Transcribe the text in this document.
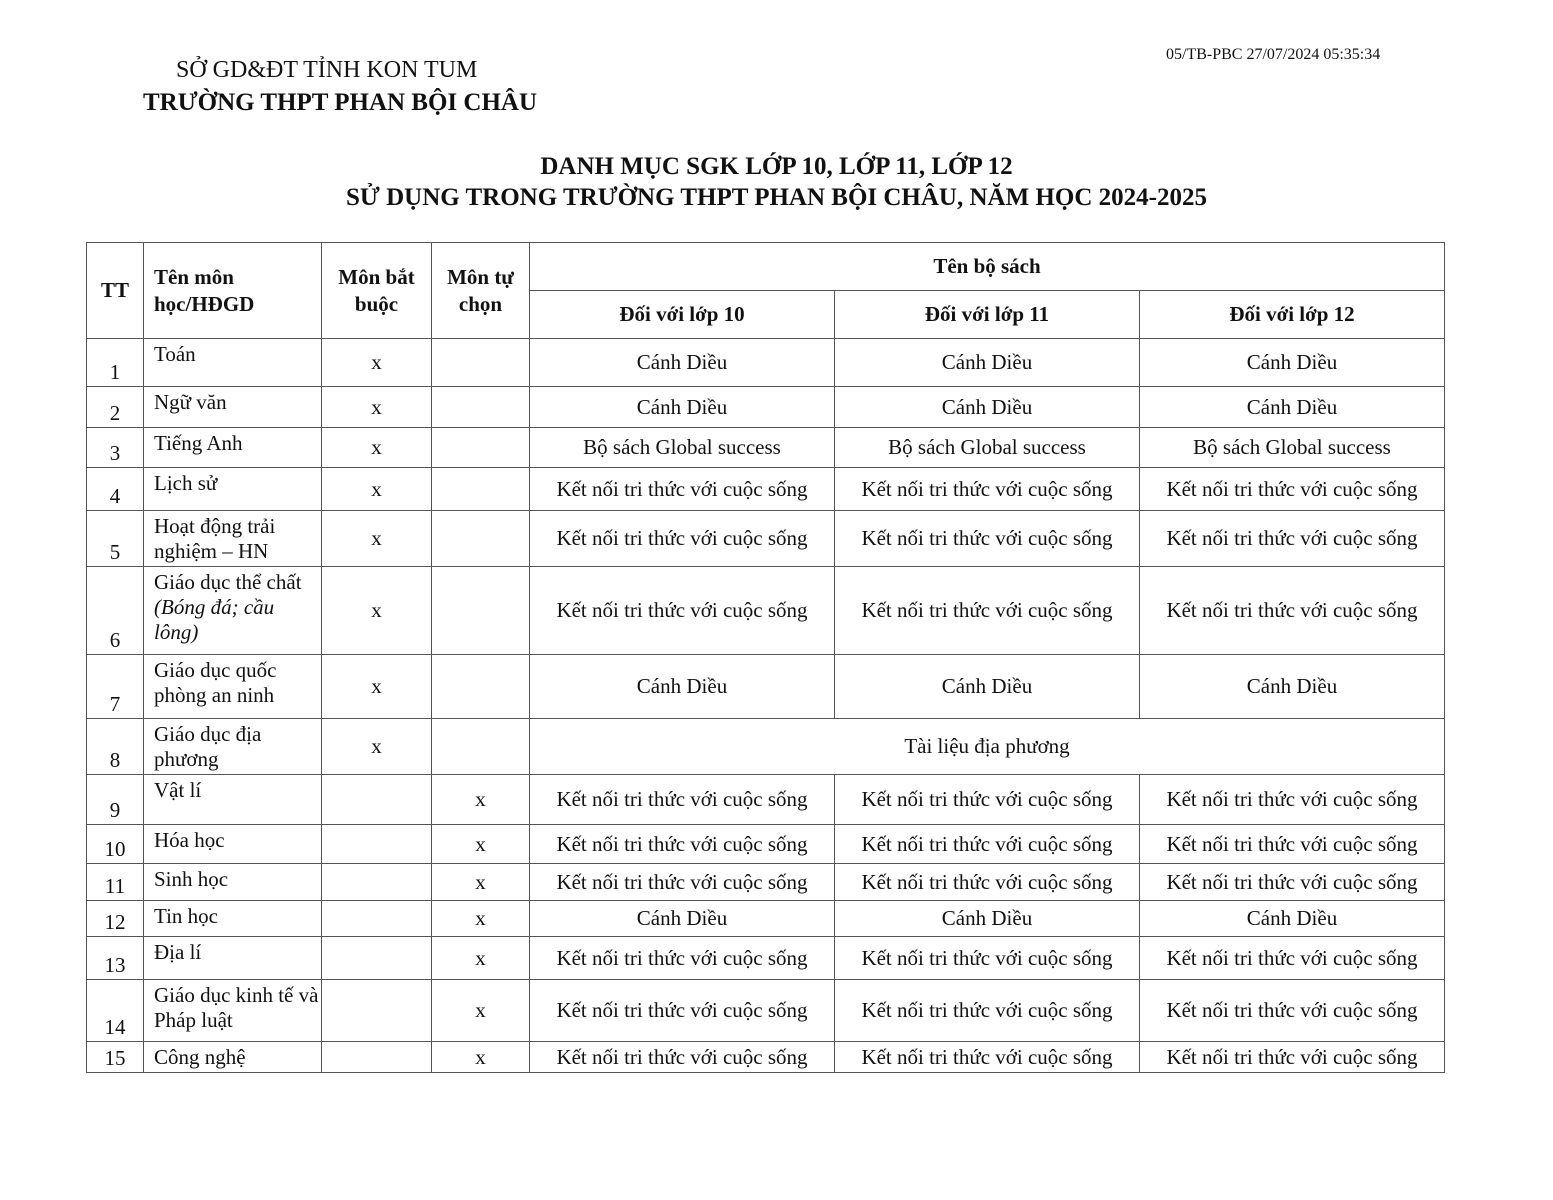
05/TB-PBC 27/07/2024 05:35:34
SỞ GD&ĐT TỈNH KON TUM
TRƯỜNG THPT PHAN BỘI CHÂU
DANH MỤC SGK LỚP 10, LỚP 11, LỚP 12
SỬ DỤNG TRONG TRƯỜNG THPT PHAN BỘI CHÂU, NĂM HỌC 2024-2025
TT	Tên môn học/HĐGD	Môn bắt buộc	Môn tự chọn	Tên bộ sách		
				Đối với lớp 10	Đối với lớp 11	Đối với lớp 12
1	Toán	x		Cánh Diều	Cánh Diều	Cánh Diều
2	Ngữ văn	x		Cánh Diều	Cánh Diều	Cánh Diều
3	Tiếng Anh	x		Bộ sách Global success	Bộ sách Global success	Bộ sách Global success
4	Lịch sử	x		Kết nối tri thức với cuộc sống	Kết nối tri thức với cuộc sống	Kết nối tri thức với cuộc sống
5	Hoạt động trải nghiệm – HN	x		Kết nối tri thức với cuộc sống	Kết nối tri thức với cuộc sống	Kết nối tri thức với cuộc sống
6	Giáo dục thể chất (Bóng đá; cầu lông)	x		Kết nối tri thức với cuộc sống	Kết nối tri thức với cuộc sống	Kết nối tri thức với cuộc sống
7	Giáo dục quốc phòng an ninh	x		Cánh Diều	Cánh Diều	Cánh Diều
8	Giáo dục địa phương	x		Tài liệu địa phương		
9	Vật lí		x	Kết nối tri thức với cuộc sống	Kết nối tri thức với cuộc sống	Kết nối tri thức với cuộc sống
10	Hóa học		x	Kết nối tri thức với cuộc sống	Kết nối tri thức với cuộc sống	Kết nối tri thức với cuộc sống
11	Sinh học		x	Kết nối tri thức với cuộc sống	Kết nối tri thức với cuộc sống	Kết nối tri thức với cuộc sống
12	Tin học		x	Cánh Diều	Cánh Diều	Cánh Diều
13	Địa lí		x	Kết nối tri thức với cuộc sống	Kết nối tri thức với cuộc sống	Kết nối tri thức với cuộc sống
14	Giáo dục kinh tế và Pháp luật		x	Kết nối tri thức với cuộc sống	Kết nối tri thức với cuộc sống	Kết nối tri thức với cuộc sống
15	Công nghệ		x	Kết nối tri thức với cuộc sống	Kết nối tri thức với cuộc sống	Kết nối tri thức với cuộc sống
